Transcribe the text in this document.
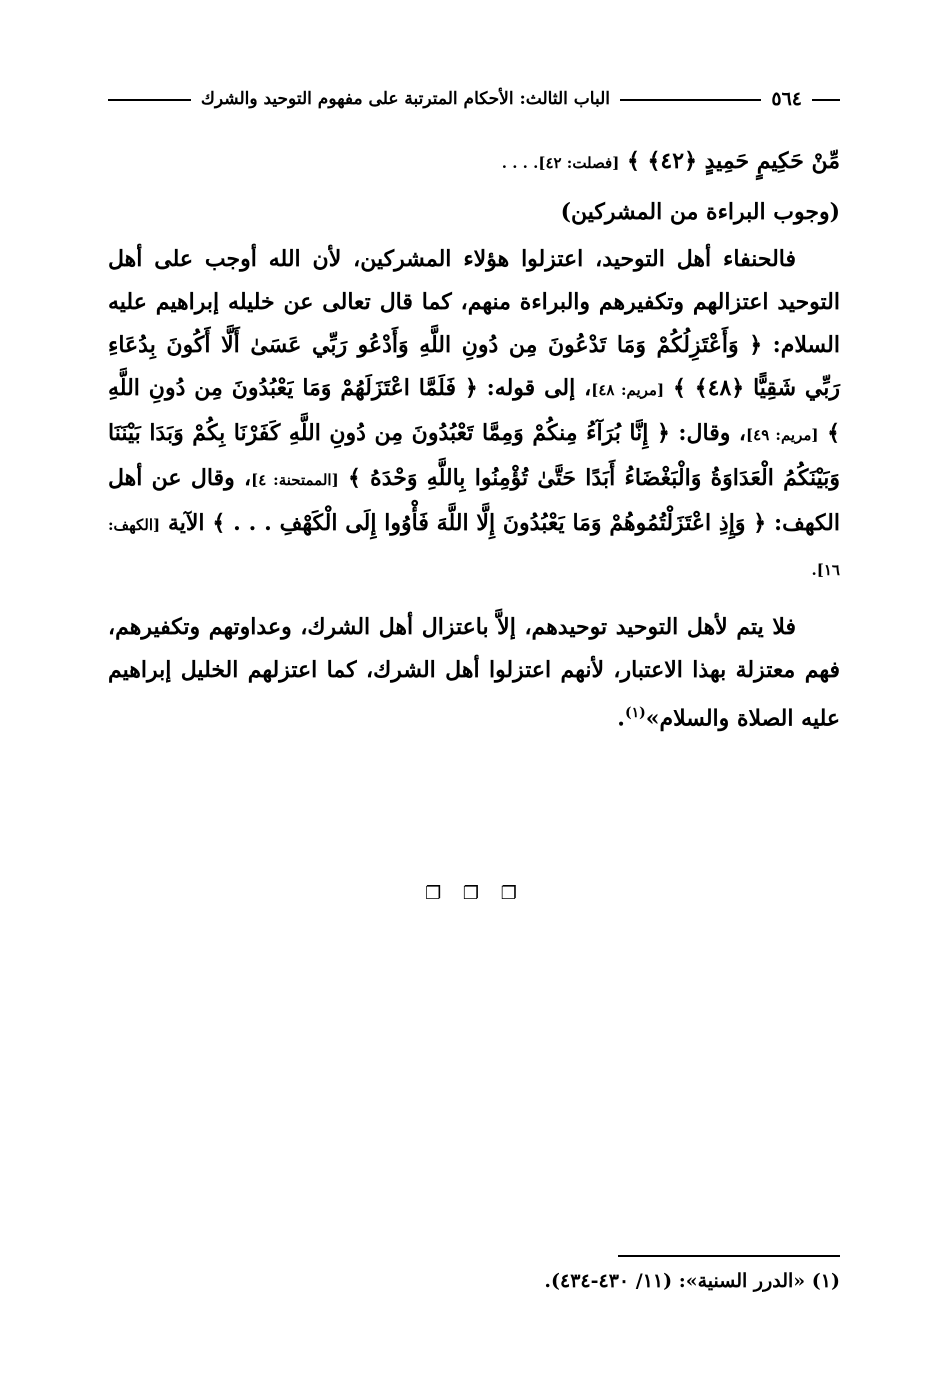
٥٦٤
الباب الثالث: الأحكام المترتبة على مفهوم التوحيد والشرك

مِّنْ حَكِيمٍ حَمِيدٍ ﴿٤٢﴾ ﴾ [فصلت: ٤٢]. . . .

(وجوب البراءة من المشركين)

فالحنفاء أهل التوحيد، اعتزلوا هؤلاء المشركين، لأن الله أوجب على أهل التوحيد اعتزالهم وتكفيرهم والبراءة منهم، كما قال تعالى عن خليله إبراهيم عليه السلام: ﴿ وَأَعْتَزِلُكُمْ وَمَا تَدْعُونَ مِن دُونِ اللَّهِ وَأَدْعُو رَبِّي عَسَىٰ أَلَّا أَكُونَ بِدُعَاءِ رَبِّي شَقِيًّا ﴿٤٨﴾ ﴾ [مريم: ٤٨]، إلى قوله: ﴿ فَلَمَّا اعْتَزَلَهُمْ وَمَا يَعْبُدُونَ مِن دُونِ اللَّهِ ﴾ [مريم: ٤٩]، وقال: ﴿ إِنَّا بُرَآءُ مِنكُمْ وَمِمَّا تَعْبُدُونَ مِن دُونِ اللَّهِ كَفَرْنَا بِكُمْ وَبَدَا بَيْنَنَا وَبَيْنَكُمُ الْعَدَاوَةُ وَالْبَغْضَاءُ أَبَدًا حَتَّىٰ تُؤْمِنُوا بِاللَّهِ وَحْدَهُ ﴾ [الممتحنة: ٤]، وقال عن أهل الكهف: ﴿ وَإِذِ اعْتَزَلْتُمُوهُمْ وَمَا يَعْبُدُونَ إِلَّا اللَّهَ فَأْوُوا إِلَى الْكَهْفِ . . . ﴾ الآية [الكهف: ١٦].

فلا يتم لأهل التوحيد توحيدهم، إلاَّ باعتزال أهل الشرك، وعداوتهم وتكفيرهم، فهم معتزلة بهذا الاعتبار، لأنهم اعتزلوا أهل الشرك، كما اعتزلهم الخليل إبراهيم عليه الصلاة والسلام»$^{(١)}$.

❐ ❐ ❐
(١) «الدرر السنية»: (١١/ ٤٣٠-٤٣٤).
